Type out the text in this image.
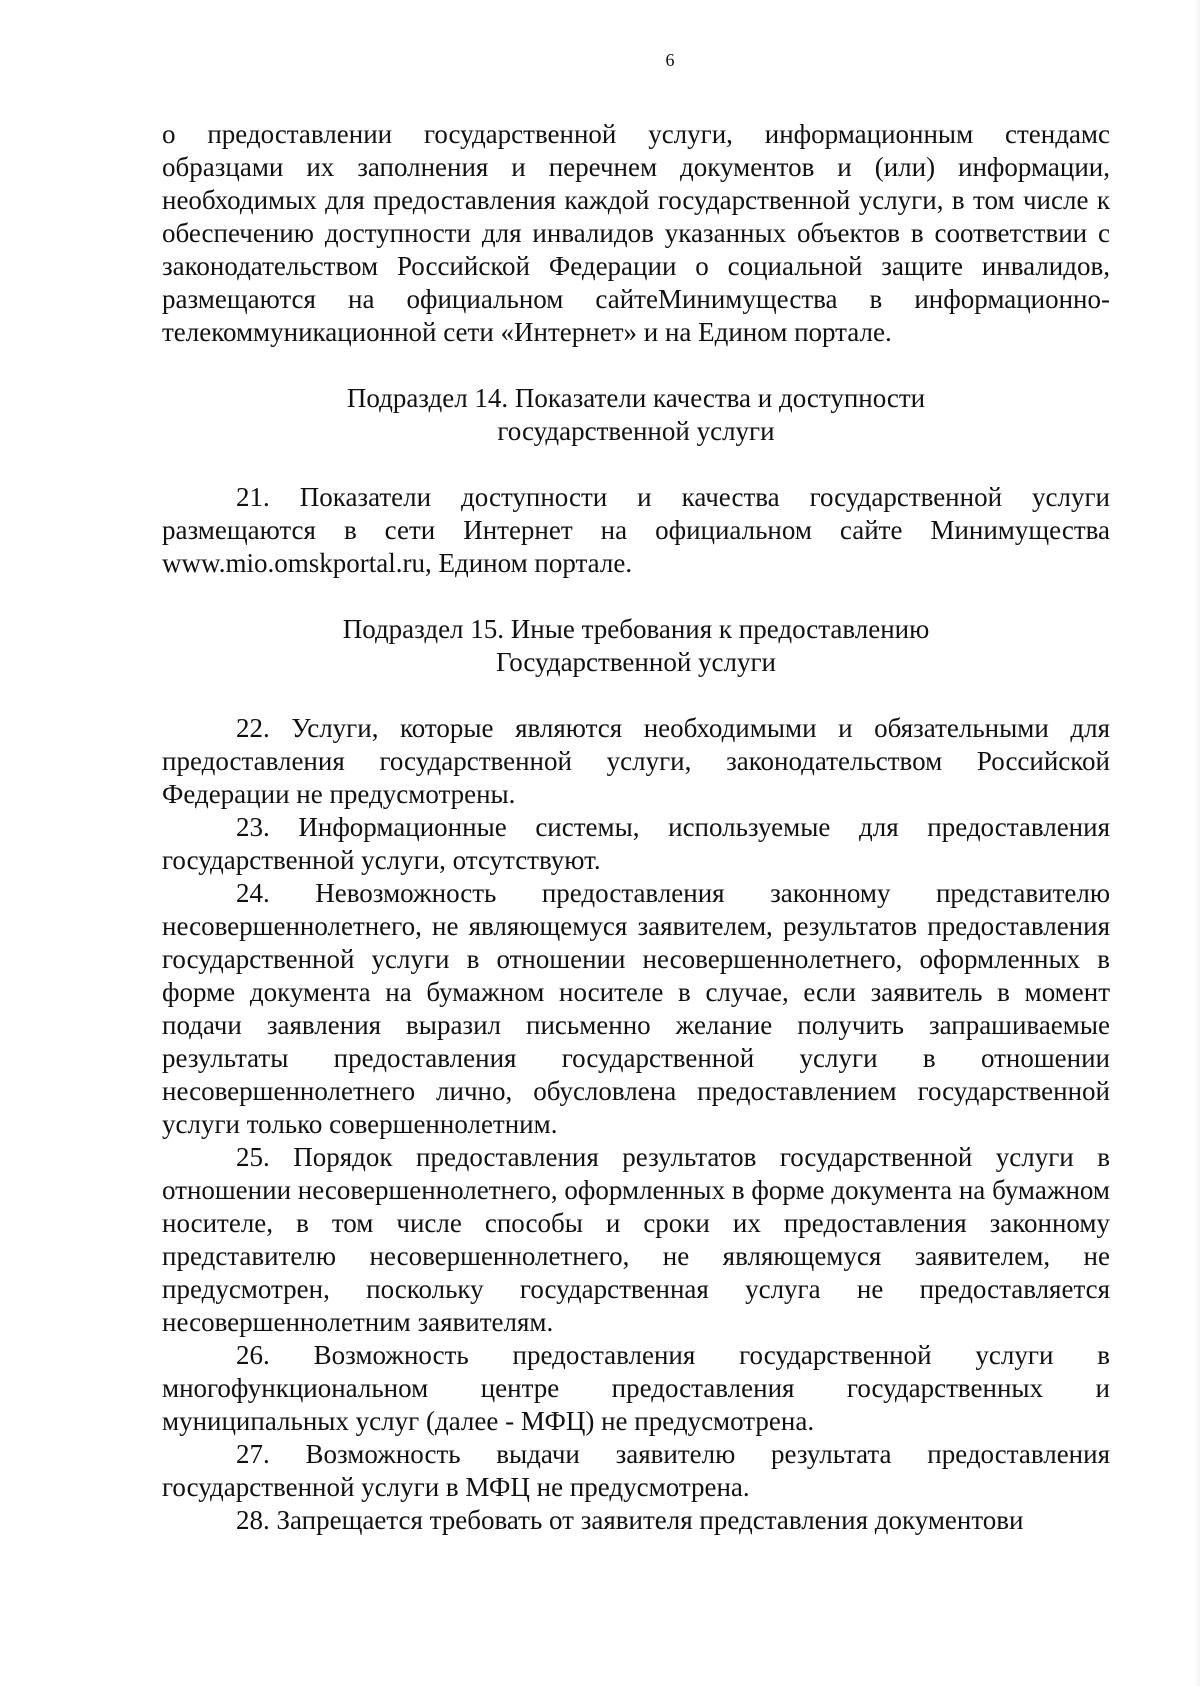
6

о предоставлении государственной услуги, информационным стендамс образцами их заполнения и перечнем документов и (или) информации, необходимых для предоставления каждой государственной услуги, в том числе к обеспечению доступности для инвалидов указанных объектов в соответствии с законодательством Российской Федерации о социальной защите инвалидов, размещаются на официальном сайтеМинимущества в информационно-телекоммуникационной сети «Интернет» и на Едином портале.

Подраздел 14. Показатели качества и доступности
государственной услуги

21. Показатели доступности и качества государственной услуги размещаются в сети Интернет на официальном сайте Минимущества www.mio.omskportal.ru, Едином портале.

Подраздел 15. Иные требования к предоставлению
Государственной услуги

22. Услуги, которые являются необходимыми и обязательными для предоставления государственной услуги, законодательством Российской Федерации не предусмотрены.

23. Информационные системы, используемые для предоставления государственной услуги, отсутствуют.

24. Невозможность предоставления законному представителю несовершеннолетнего, не являющемуся заявителем, результатов предоставления государственной услуги в отношении несовершеннолетнего, оформленных в форме документа на бумажном носителе в случае, если заявитель в момент подачи заявления выразил письменно желание получить запрашиваемые результаты предоставления государственной услуги в отношении несовершеннолетнего лично, обусловлена предоставлением государственной услуги только совершеннолетним.

25. Порядок предоставления результатов государственной услуги в отношении несовершеннолетнего, оформленных в форме документа на бумажном носителе, в том числе способы и сроки их предоставления законному представителю несовершеннолетнего, не являющемуся заявителем, не предусмотрен, поскольку государственная услуга не предоставляется несовершеннолетним заявителям.

26. Возможность предоставления государственной услуги в многофункциональном центре предоставления государственных и муниципальных услуг (далее - МФЦ) не предусмотрена.

27. Возможность выдачи заявителю результата предоставления государственной услуги в МФЦ не предусмотрена.

28. Запрещается требовать от заявителя представления документови
